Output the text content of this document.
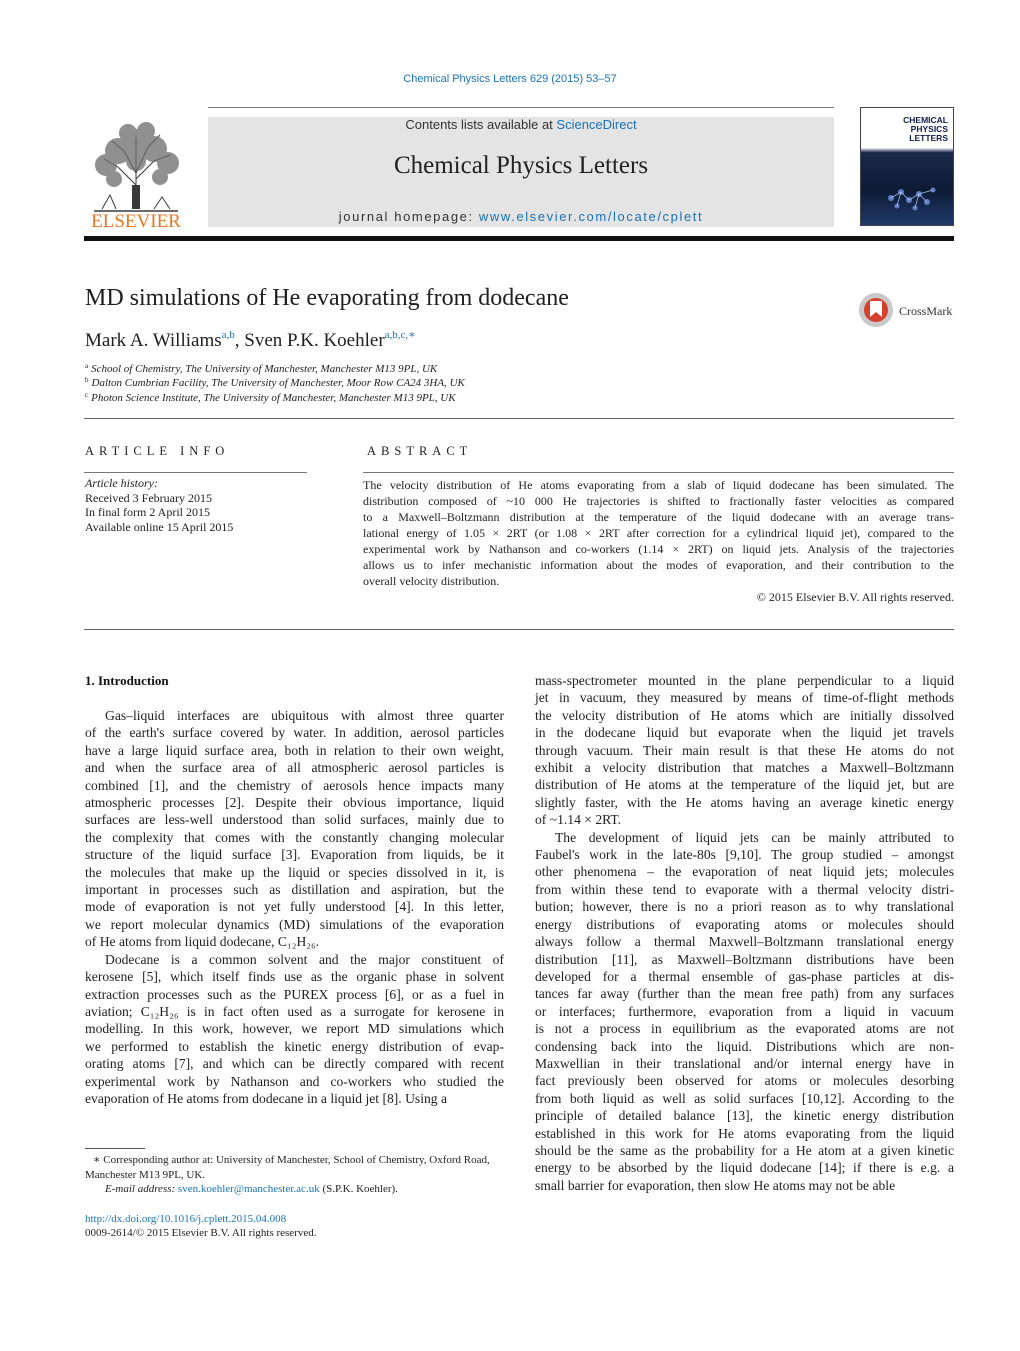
Chemical Physics Letters 629 (2015) 53–57
ELSEVIER
Contents lists available at ScienceDirect
Chemical Physics Letters
journal homepage: www.elsevier.com/locate/cplett
CHEMICAL PHYSICS LETTERS
MD simulations of He evaporating from dodecane	CrossMark
Mark A. Williams$^{a,b}$, Sven P.K. Koehler$^{a,b,c,∗}$
$^a$ School of Chemistry, The University of Manchester, Manchester M13 9PL, UK
$^b$ Dalton Cumbrian Facility, The University of Manchester, Moor Row CA24 3HA, UK
$^c$ Photon Science Institute, The University of Manchester, Manchester M13 9PL, UK
ARTICLE INFO
Article history:
Received 3 February 2015
In final form 2 April 2015
Available online 15 April 2015
ABSTRACT
The velocity distribution of He atoms evaporating from a slab of liquid dodecane has been simulated. The
distribution composed of ~10 000 He trajectories is shifted to fractionally faster velocities as compared
to a Maxwell–Boltzmann distribution at the temperature of the liquid dodecane with an average trans-
lational energy of 1.05 × 2RT (or 1.08 × 2RT after correction for a cylindrical liquid jet), compared to the
experimental work by Nathanson and co-workers (1.14 × 2RT) on liquid jets. Analysis of the trajectories
allows us to infer mechanistic information about the modes of evaporation, and their contribution to the
overall velocity distribution.
© 2015 Elsevier B.V. All rights reserved.
1. Introduction
Gas–liquid interfaces are ubiquitous with almost three quarter
of the earth's surface covered by water. In addition, aerosol particles
have a large liquid surface area, both in relation to their own weight,
and when the surface area of all atmospheric aerosol particles is
combined [1], and the chemistry of aerosols hence impacts many
atmospheric processes [2]. Despite their obvious importance, liquid
surfaces are less-well understood than solid surfaces, mainly due to
the complexity that comes with the constantly changing molecular
structure of the liquid surface [3]. Evaporation from liquids, be it
the molecules that make up the liquid or species dissolved in it, is
important in processes such as distillation and aspiration, but the
mode of evaporation is not yet fully understood [4]. In this letter,
we report molecular dynamics (MD) simulations of the evaporation
of He atoms from liquid dodecane, C₁₂H₂₆.
Dodecane is a common solvent and the major constituent of
kerosene [5], which itself finds use as the organic phase in solvent
extraction processes such as the PUREX process [6], or as a fuel in
aviation; C₁₂H₂₆ is in fact often used as a surrogate for kerosene in
modelling. In this work, however, we report MD simulations which
we performed to establish the kinetic energy distribution of evap-
orating atoms [7], and which can be directly compared with recent
experimental work by Nathanson and co-workers who studied the
evaporation of He atoms from dodecane in a liquid jet [8]. Using a
mass-spectrometer mounted in the plane perpendicular to a liquid
jet in vacuum, they measured by means of time-of-flight methods
the velocity distribution of He atoms which are initially dissolved
in the dodecane liquid but evaporate when the liquid jet travels
through vacuum. Their main result is that these He atoms do not
exhibit a velocity distribution that matches a Maxwell–Boltzmann
distribution of He atoms at the temperature of the liquid jet, but are
slightly faster, with the He atoms having an average kinetic energy
of ~1.14 × 2RT.
The development of liquid jets can be mainly attributed to
Faubel's work in the late-80s [9,10]. The group studied – amongst
other phenomena – the evaporation of neat liquid jets; molecules
from within these tend to evaporate with a thermal velocity distri-
bution; however, there is no a priori reason as to why translational
energy distributions of evaporating atoms or molecules should
always follow a thermal Maxwell–Boltzmann translational energy
distribution [11], as Maxwell–Boltzmann distributions have been
developed for a thermal ensemble of gas-phase particles at dis-
tances far away (further than the mean free path) from any surfaces
or interfaces; furthermore, evaporation from a liquid in vacuum
is not a process in equilibrium as the evaporated atoms are not
condensing back into the liquid. Distributions which are non-
Maxwellian in their translational and/or internal energy have in
fact previously been observed for atoms or molecules desorbing
from both liquid as well as solid surfaces [10,12]. According to the
principle of detailed balance [13], the kinetic energy distribution
established in this work for He atoms evaporating from the liquid
should be the same as the probability for a He atom at a given kinetic
energy to be absorbed by the liquid dodecane [14]; if there is e.g. a
small barrier for evaporation, then slow He atoms may not be able
∗ Corresponding author at: University of Manchester, School of Chemistry, Oxford Road, Manchester M13 9PL, UK.
E-mail address: sven.koehler@manchester.ac.uk (S.P.K. Koehler).
http://dx.doi.org/10.1016/j.cplett.2015.04.008
0009-2614/© 2015 Elsevier B.V. All rights reserved.
